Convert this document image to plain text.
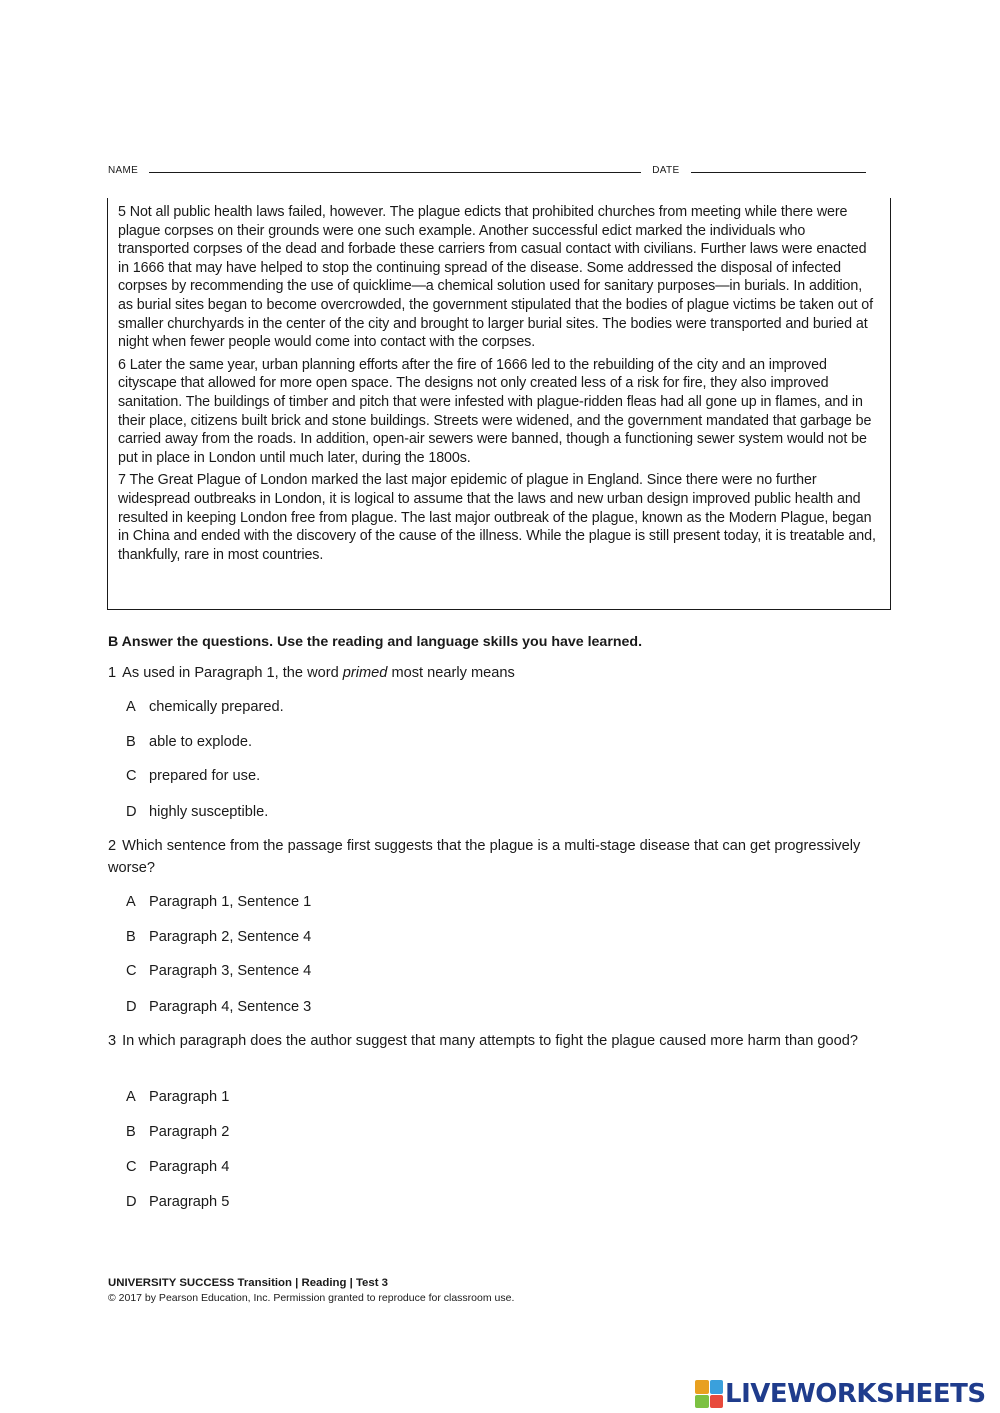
NAME	DATE

5 Not all public health laws failed, however. The plague edicts that prohibited churches from meeting while there were plague corpses on their grounds were one such example. Another successful edict marked the individuals who transported corpses of the dead and forbade these carriers from casual contact with civilians. Further laws were enacted in 1666 that may have helped to stop the continuing spread of the disease. Some addressed the disposal of infected corpses by recommending the use of quicklime—a chemical solution used for sanitary purposes—in burials. In addition, as burial sites began to become overcrowded, the government stipulated that the bodies of plague victims be taken out of smaller churchyards in the center of the city and brought to larger burial sites. The bodies were transported and buried at night when fewer people would come into contact with the corpses.

6 Later the same year, urban planning efforts after the fire of 1666 led to the rebuilding of the city and an improved cityscape that allowed for more open space. The designs not only created less of a risk for fire, they also improved sanitation. The buildings of timber and pitch that were infested with plague-ridden fleas had all gone up in flames, and in their place, citizens built brick and stone buildings. Streets were widened, and the government mandated that garbage be carried away from the roads. In addition, open-air sewers were banned, though a functioning sewer system would not be put in place in London until much later, during the 1800s.

7 The Great Plague of London marked the last major epidemic of plague in England. Since there were no further widespread outbreaks in London, it is logical to assume that the laws and new urban design improved public health and resulted in keeping London free from plague. The last major outbreak of the plague, known as the Modern Plague, began in China and ended with the discovery of the cause of the illness. While the plague is still present today, it is treatable and, thankfully, rare in most countries.

B Answer the questions. Use the reading and language skills you have learned.
1 As used in Paragraph 1, the word primed most nearly means
A chemically prepared.
B able to explode.
C prepared for use.
D highly susceptible.
2 Which sentence from the passage first suggests that the plague is a multi-stage disease that can get progressively worse?
A Paragraph 1, Sentence 1
B Paragraph 2, Sentence 4
C Paragraph 3, Sentence 4
D Paragraph 4, Sentence 3
3 In which paragraph does the author suggest that many attempts to fight the plague caused more harm than good?
A Paragraph 1
B Paragraph 2
C Paragraph 4
D Paragraph 5
UNIVERSITY SUCCESS Transition | Reading | Test 3
© 2017 by Pearson Education, Inc. Permission granted to reproduce for classroom use.
LIVEWORKSHEETS
